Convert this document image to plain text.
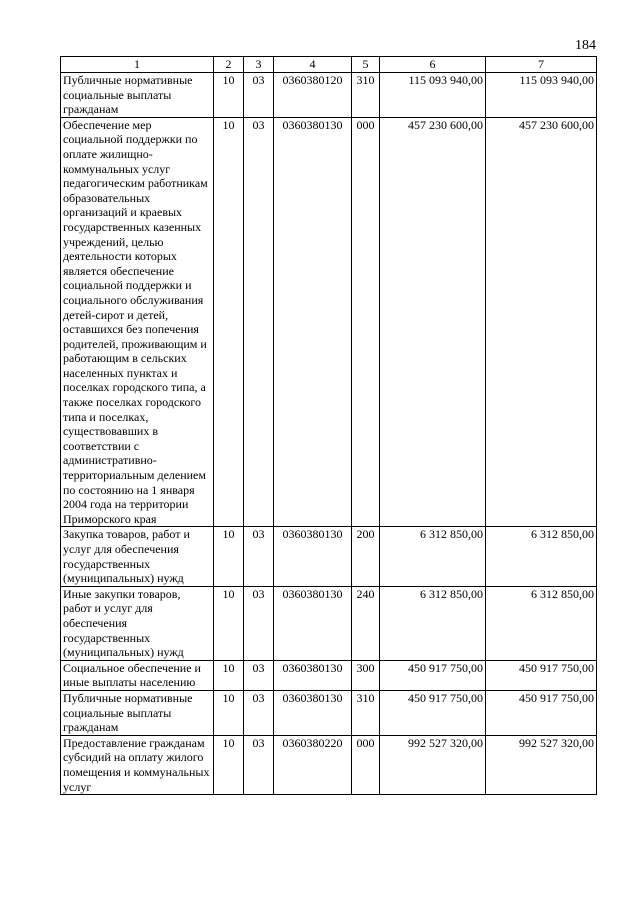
184
1	2	3	4	5	6	7
Публичные нормативные социальные выплаты гражданам	10	03	0360380120	310	115 093 940,00	115 093 940,00
Обеспечение мер социальной поддержки по оплате жилищно-коммунальных услуг педагогическим работникам образовательных организаций и краевых государственных казенных учреждений, целью деятельности которых является обеспечение социальной поддержки и социального обслуживания детей-сирот и детей, оставшихся без попечения родителей, проживающим и работающим в сельских населенных пунктах и поселках городского типа, а также поселках городского типа и поселках, существовавших в соответствии с административно-территориальным делением по состоянию на 1 января 2004 года на территории Приморского края	10	03	0360380130	000	457 230 600,00	457 230 600,00
Закупка товаров, работ и услуг для обеспечения государственных (муниципальных) нужд	10	03	0360380130	200	6 312 850,00	6 312 850,00
Иные закупки товаров, работ и услуг для обеспечения государственных (муниципальных) нужд	10	03	0360380130	240	6 312 850,00	6 312 850,00
Социальное обеспечение и иные выплаты населению	10	03	0360380130	300	450 917 750,00	450 917 750,00
Публичные нормативные социальные выплаты гражданам	10	03	0360380130	310	450 917 750,00	450 917 750,00
Предоставление гражданам субсидий на оплату жилого помещения и коммунальных услуг	10	03	0360380220	000	992 527 320,00	992 527 320,00
